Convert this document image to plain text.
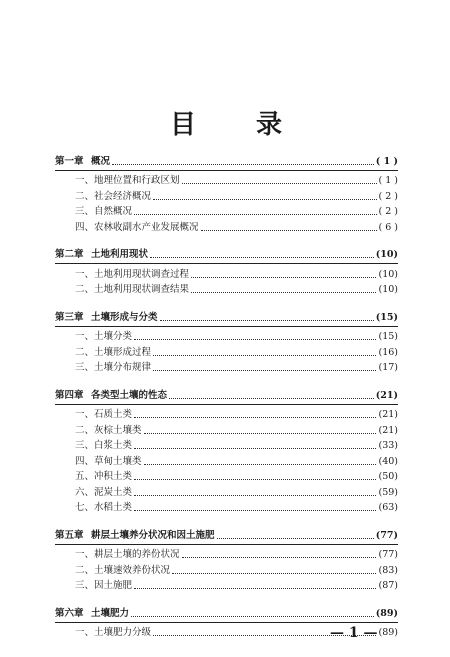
目 录
第一章 概况	( 1 )
一、地理位置和行政区划	( 1 )
二、社会经济概况	( 2 )
三、自然概况	( 2 )
四、农林收副水产业发展概况	( 6 )
第二章 土地利用现状	(10)
一、土地利用现状调查过程	(10)
二、土地利用现状调查结果	(10)
第三章 土壤形成与分类	(15)
一、土壤分类	(15)
二、土壤形成过程	(16)
三、土壤分布规律	(17)
第四章 各类型土壤的性态	(21)
一、石质土类	(21)
二、灰棕土壤类	(21)
三、白浆土类	(33)
四、草甸土壤类	(40)
五、冲积土类	(50)
六、泥炭土类	(59)
七、水稻土类	(63)
第五章 耕层土壤养分状况和因土施肥	(77)
一、耕层土壤的养份状况	(77)
二、土壤速效养份状况	(83)
三、因土施肥	(87)
第六章 土壤肥力	(89)
一、土壤肥力分级	(89)
— 1 —
